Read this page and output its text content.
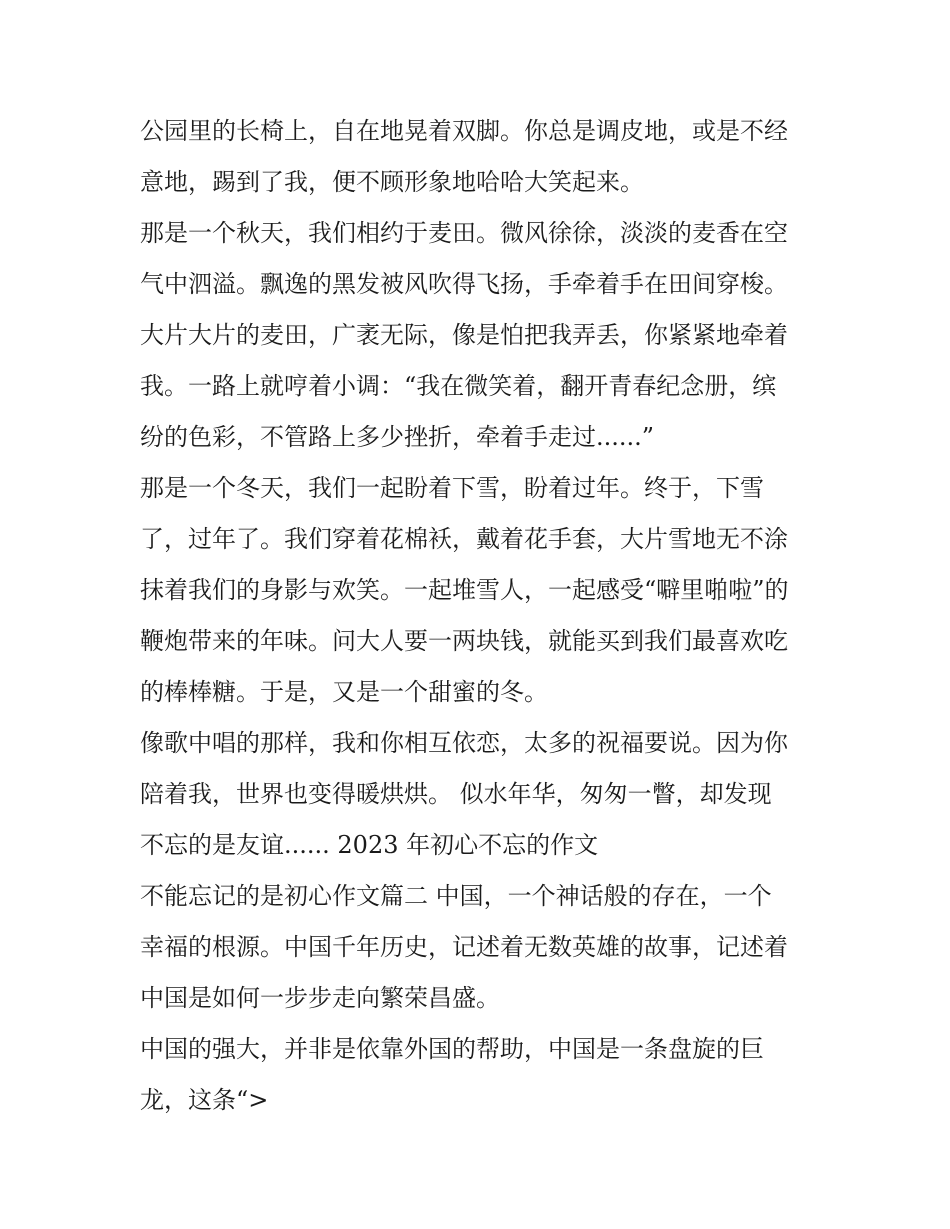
公园里的长椅上，自在地晃着双脚。你总是调皮地，或是不经
意地，踢到了我，便不顾形象地哈哈大笑起来。
那是一个秋天，我们相约于麦田。微风徐徐，淡淡的麦香在空
气中泗溢。飘逸的黑发被风吹得飞扬，手牵着手在田间穿梭。
大片大片的麦田，广袤无际，像是怕把我弄丢，你紧紧地牵着
我。一路上就哼着小调：“我在微笑着，翻开青春纪念册，缤
纷的色彩，不管路上多少挫折，牵着手走过......”
那是一个冬天，我们一起盼着下雪，盼着过年。终于，下雪
了，过年了。我们穿着花棉袄，戴着花手套，大片雪地无不涂
抹着我们的身影与欢笑。一起堆雪人，一起感受“噼里啪啦”的
鞭炮带来的年味。问大人要一两块钱，就能买到我们最喜欢吃
的棒棒糖。于是，又是一个甜蜜的冬。
像歌中唱的那样，我和你相互依恋，太多的祝福要说。因为你
陪着我，世界也变得暖烘烘。 似水年华，匆匆一瞥，却发现
不忘的是友谊...... 2023 年初心不忘的作文
不能忘记的是初心作文篇二 中国，一个神话般的存在，一个
幸福的根源。中国千年历史，记述着无数英雄的故事，记述着
中国是如何一步步走向繁荣昌盛。
中国的强大，并非是依靠外国的帮助，中国是一条盘旋的巨
龙，这条“>
